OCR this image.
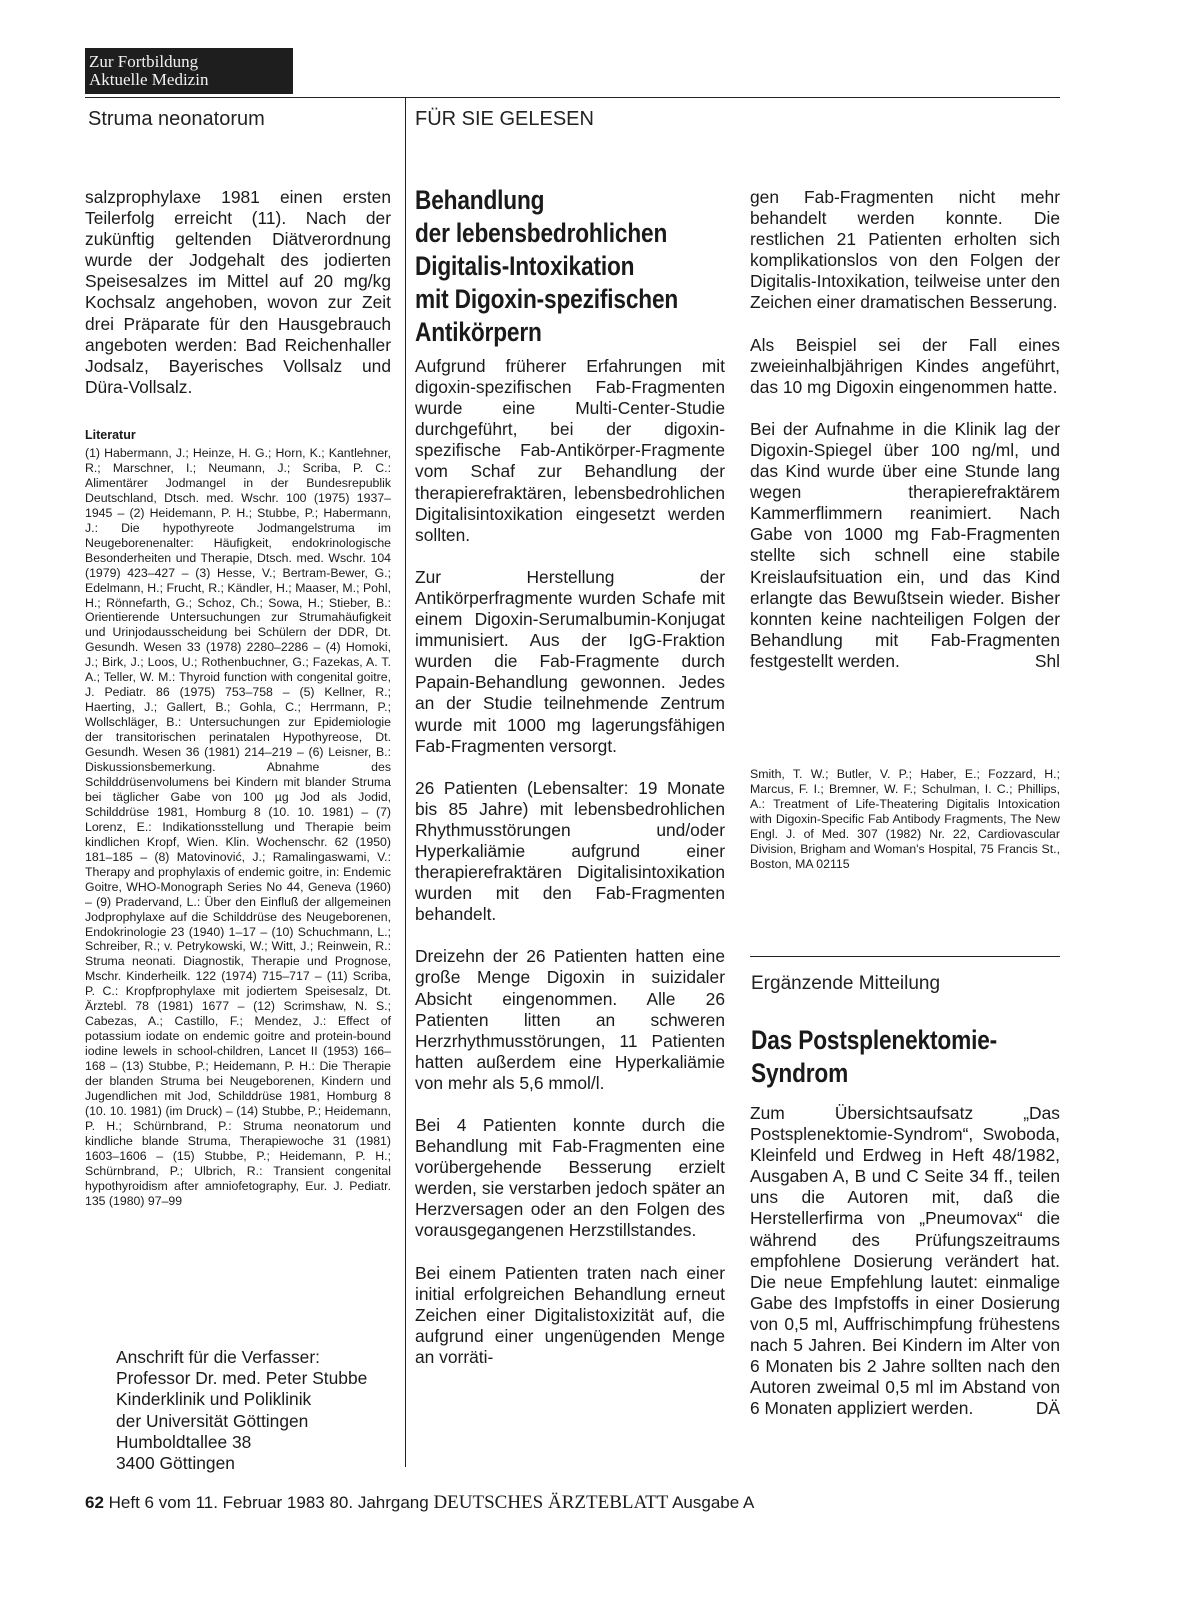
Zur Fortbildung
Aktuelle Medizin
Struma neonatorum
salzprophylaxe 1981 einen ersten Teilerfolg erreicht (11). Nach der zukünftig geltenden Diätverordnung wurde der Jodgehalt des jodierten Speisesalzes im Mittel auf 20 mg/kg Kochsalz angehoben, wovon zur Zeit drei Präparate für den Hausgebrauch angeboten werden: Bad Reichenhaller Jodsalz, Bayerisches Vollsalz und Düra-Vollsalz.
Literatur
(1) Habermann, J.; Heinze, H. G.; Horn, K.; Kantlehner, R.; Marschner, I.; Neumann, J.; Scriba, P. C.: Alimentärer Jodmangel in der Bundesrepublik Deutschland, Dtsch. med. Wschr. 100 (1975) 1937–1945 – (2) Heidemann, P. H.; Stubbe, P.; Habermann, J.: Die hypothyreote Jodmangelstruma im Neugeborenenalter: Häufigkeit, endokrinologische Besonderheiten und Therapie, Dtsch. med. Wschr. 104 (1979) 423–427 – (3) Hesse, V.; Bertram-Bewer, G.; Edelmann, H.; Frucht, R.; Kändler, H.; Maaser, M.; Pohl, H.; Rönnefarth, G.; Schoz, Ch.; Sowa, H.; Stieber, B.: Orientierende Untersuchungen zur Strumahäufigkeit und Urinjodausscheidung bei Schülern der DDR, Dt. Gesundh. Wesen 33 (1978) 2280–2286 – (4) Homoki, J.; Birk, J.; Loos, U.; Rothenbuchner, G.; Fazekas, A. T. A.; Teller, W. M.: Thyroid function with congenital goitre, J. Pediatr. 86 (1975) 753–758 – (5) Kellner, R.; Haerting, J.; Gallert, B.; Gohla, C.; Herrmann, P.; Wollschläger, B.: Untersuchungen zur Epidemiologie der transitorischen perinatalen Hypothyreose, Dt. Gesundh. Wesen 36 (1981) 214–219 – (6) Leisner, B.: Diskussionsbemerkung. Abnahme des Schilddrüsenvolumens bei Kindern mit blander Struma bei täglicher Gabe von 100 µg Jod als Jodid, Schilddrüse 1981, Homburg 8 (10. 10. 1981) – (7) Lorenz, E.: Indikationsstellung und Therapie beim kindlichen Kropf, Wien. Klin. Wochenschr. 62 (1950) 181–185 – (8) Matovinović, J.; Ramalingaswami, V.: Therapy and prophylaxis of endemic goitre, in: Endemic Goitre, WHO-Monograph Series No 44, Geneva (1960) – (9) Pradervand, L.: Über den Einfluß der allgemeinen Jodprophylaxe auf die Schilddrüse des Neugeborenen, Endokrinologie 23 (1940) 1–17 – (10) Schuchmann, L.; Schreiber, R.; v. Petrykowski, W.; Witt, J.; Reinwein, R.: Struma neonati. Diagnostik, Therapie und Prognose, Mschr. Kinderheilk. 122 (1974) 715–717 – (11) Scriba, P. C.: Kropfprophylaxe mit jodiertem Speisesalz, Dt. Ärztebl. 78 (1981) 1677 – (12) Scrimshaw, N. S.; Cabezas, A.; Castillo, F.; Mendez, J.: Effect of potassium iodate on endemic goitre and protein-bound iodine lewels in school-children, Lancet II (1953) 166–168 – (13) Stubbe, P.; Heidemann, P. H.: Die Therapie der blanden Struma bei Neugeborenen, Kindern und Jugendlichen mit Jod, Schilddrüse 1981, Homburg 8 (10. 10. 1981) (im Druck) – (14) Stubbe, P.; Heidemann, P. H.; Schürnbrand, P.: Struma neonatorum und kindliche blande Struma, Therapiewoche 31 (1981) 1603–1606 – (15) Stubbe, P.; Heidemann, P. H.; Schürnbrand, P.; Ulbrich, R.: Transient congenital hypothyroidism after amniofetography, Eur. J. Pediatr. 135 (1980) 97–99
Anschrift für die Verfasser:
Professor Dr. med. Peter Stubbe
Kinderklinik und Poliklinik
der Universität Göttingen
Humboldtallee 38
3400 Göttingen
FÜR SIE GELESEN
Behandlung
der lebensbedrohlichen
Digitalis-Intoxikation
mit Digoxin-spezifischen
Antikörpern

Aufgrund früherer Erfahrungen mit digoxin-spezifischen Fab-Fragmenten wurde eine Multi-Center-Studie durchgeführt, bei der digoxin-spezifische Fab-Antikörper-Fragmente vom Schaf zur Behandlung der therapierefraktären, lebensbedrohlichen Digitalisintoxikation eingesetzt werden sollten.

Zur Herstellung der Antikörperfragmente wurden Schafe mit einem Digoxin-Serumalbumin-Konjugat immunisiert. Aus der IgG-Fraktion wurden die Fab-Fragmente durch Papain-Behandlung gewonnen. Jedes an der Studie teilnehmende Zentrum wurde mit 1000 mg lagerungsfähigen Fab-Fragmenten versorgt.

26 Patienten (Lebensalter: 19 Monate bis 85 Jahre) mit lebensbedrohlichen Rhythmusstörungen und/oder Hyperkaliämie aufgrund einer therapierefraktären Digitalisintoxikation wurden mit den Fab-Fragmenten behandelt.

Dreizehn der 26 Patienten hatten eine große Menge Digoxin in suizidaler Absicht eingenommen. Alle 26 Patienten litten an schweren Herzrhythmusstörungen, 11 Patienten hatten außerdem eine Hyperkaliämie von mehr als 5,6 mmol/l.

Bei 4 Patienten konnte durch die Behandlung mit Fab-Fragmenten eine vorübergehende Besserung erzielt werden, sie verstarben jedoch später an Herzversagen oder an den Folgen des vorausgegangenen Herzstillstandes.

Bei einem Patienten traten nach einer initial erfolgreichen Behandlung erneut Zeichen einer Digitalistoxizität auf, die aufgrund einer ungenügenden Menge an vorräti-

gen Fab-Fragmenten nicht mehr behandelt werden konnte. Die restlichen 21 Patienten erholten sich komplikationslos von den Folgen der Digitalis-Intoxikation, teilweise unter den Zeichen einer dramatischen Besserung.

Als Beispiel sei der Fall eines zweieinhalbjährigen Kindes angeführt, das 10 mg Digoxin eingenommen hatte.

Bei der Aufnahme in die Klinik lag der Digoxin-Spiegel über 100 ng/ml, und das Kind wurde über eine Stunde lang wegen therapierefraktärem Kammerflimmern reanimiert. Nach Gabe von 1000 mg Fab-Fragmenten stellte sich schnell eine stabile Kreislaufsituation ein, und das Kind erlangte das Bewußtsein wieder. Bisher konnten keine nachteiligen Folgen der Behandlung mit Fab-Fragmenten festgestellt werden.	Shl
Smith, T. W.; Butler, V. P.; Haber, E.; Fozzard, H.; Marcus, F. I.; Bremner, W. F.; Schulman, I. C.; Phillips, A.: Treatment of Life-Theatering Digitalis Intoxication with Digoxin-Specific Fab Antibody Fragments, The New Engl. J. of Med. 307 (1982) Nr. 22, Cardiovascular Division, Brigham and Woman's Hospital, 75 Francis St., Boston, MA 02115
Ergänzende Mitteilung
Das Postsplenektomie-
Syndrom
Zum Übersichtsaufsatz „Das Postsplenektomie-Syndrom“, Swoboda, Kleinfeld und Erdweg in Heft 48/1982, Ausgaben A, B und C Seite 34 ff., teilen uns die Autoren mit, daß die Herstellerfirma von „Pneumovax“ die während des Prüfungszeitraums empfohlene Dosierung verändert hat. Die neue Empfehlung lautet: einmalige Gabe des Impfstoffs in einer Dosierung von 0,5 ml, Auffrischimpfung frühestens nach 5 Jahren. Bei Kindern im Alter von 6 Monaten bis 2 Jahre sollten nach den Autoren zweimal 0,5 ml im Abstand von 6 Monaten appliziert werden.	DÄ
62 Heft 6 vom 11. Februar 1983 80. Jahrgang DEUTSCHES ÄRZTEBLATT Ausgabe A
